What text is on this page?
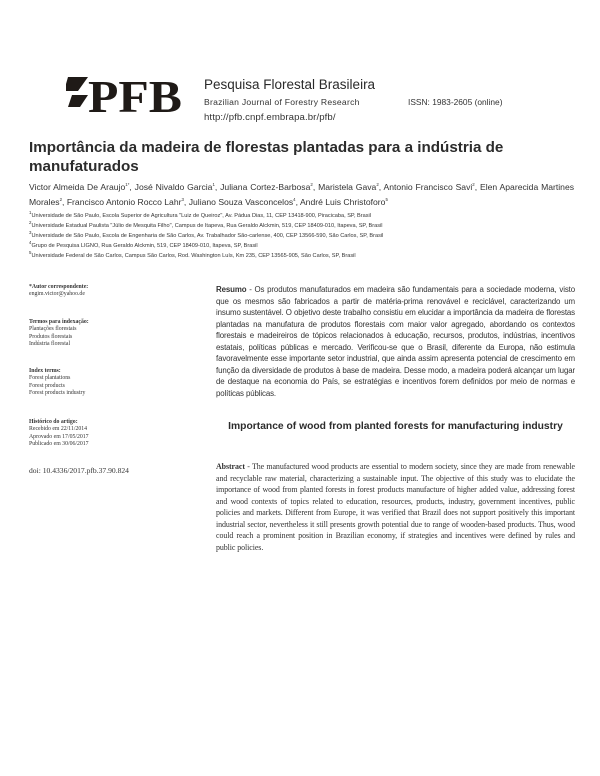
PFB Pesquisa Florestal Brasileira
Brazilian Journal of Forestry Research	ISSN: 1983-2605 (online)
http://pfb.cnpf.embrapa.br/pfb/
Importância da madeira de florestas plantadas para a indústria de manufaturados
Victor Almeida De Araujo$^{1*}$, José Nivaldo Garcia$^1$, Juliana Cortez-Barbosa$^2$, Maristela Gava$^2$, Antonio Francisco Savi$^2$, Elen Aparecida Martines Morales$^2$, Francisco Antonio Rocco Lahr$^3$, Juliano Souza Vasconcelos$^4$, André Luis Christoforo$^5$
$^1$Universidade de São Paulo, Escola Superior de Agricultura "Luiz de Queiroz", Av. Pádua Dias, 11, CEP 13418-900, Piracicaba, SP, Brasil
$^2$Universidade Estadual Paulista "Júlio de Mesquita Filho", Campus de Itapeva, Rua Geraldo Alckmin, 519, CEP 18409-010, Itapeva, SP, Brasil
$^3$Universidade de São Paulo, Escola de Engenharia de São Carlos, Av. Trabalhador São-carlense, 400, CEP 13566-590, São Carlos, SP, Brasil
$^4$Grupo de Pesquisa LIGNO, Rua Geraldo Alckmin, 519, CEP 18409-010, Itapeva, SP, Brasil
$^5$Universidade Federal de São Carlos, Campus São Carlos, Rod. Washington Luís, Km 235, CEP 13565-905, São Carlos, SP, Brasil
*Autor correspondente:
engim.victor@yahoo.de
Termos para indexação:
Plantações florestais
Produtos florestais
Indústria florestal
Index terms:
Forest plantations
Forest products
Forest products industry
Histórico do artigo:
Recebido em 22/11/2014
Aprovado em 17/05/2017
Publicado em 30/06/2017
doi: 10.4336/2017.pfb.37.90.824

Resumo - Os produtos manufaturados em madeira são fundamentais para a sociedade moderna, visto que os mesmos são fabricados a partir de matéria-prima renovável e reciclável, caracterizando um insumo sustentável. O objetivo deste trabalho consistiu em elucidar a importância da madeira de florestas plantadas na manufatura de produtos florestais com maior valor agregado, abordando os contextos florestais e madeireiros de tópicos relacionados à educação, recursos, produtos, indústrias, incentivos estatais, políticas públicas e mercado. Verificou-se que o Brasil, diferente da Europa, não estimula favoravelmente esse importante setor industrial, que ainda assim apresenta potencial de crescimento em função da diversidade de produtos à base de madeira. Desse modo, a madeira poderá alcançar um lugar de destaque na economia do País, se estratégias e incentivos forem definidos por meio de normas e políticas públicas.

Importance of wood from planted forests for manufacturing industry

Abstract - The manufactured wood products are essential to modern society, since they are made from renewable and recyclable raw material, characterizing a sustainable input. The objective of this study was to elucidate the importance of wood from planted forests in forest products manufacture of higher added value, addressing forest and wood contexts of topics related to education, resources, products, industry, government incentives, public policies and markets. Different from Europe, it was verified that Brazil does not support positively this important industrial sector, nevertheless it still presents growth potential due to range of wooden-based products. Thus, wood could reach a prominent position in Brazilian economy, if strategies and incentives were defined by rules and public policies.
